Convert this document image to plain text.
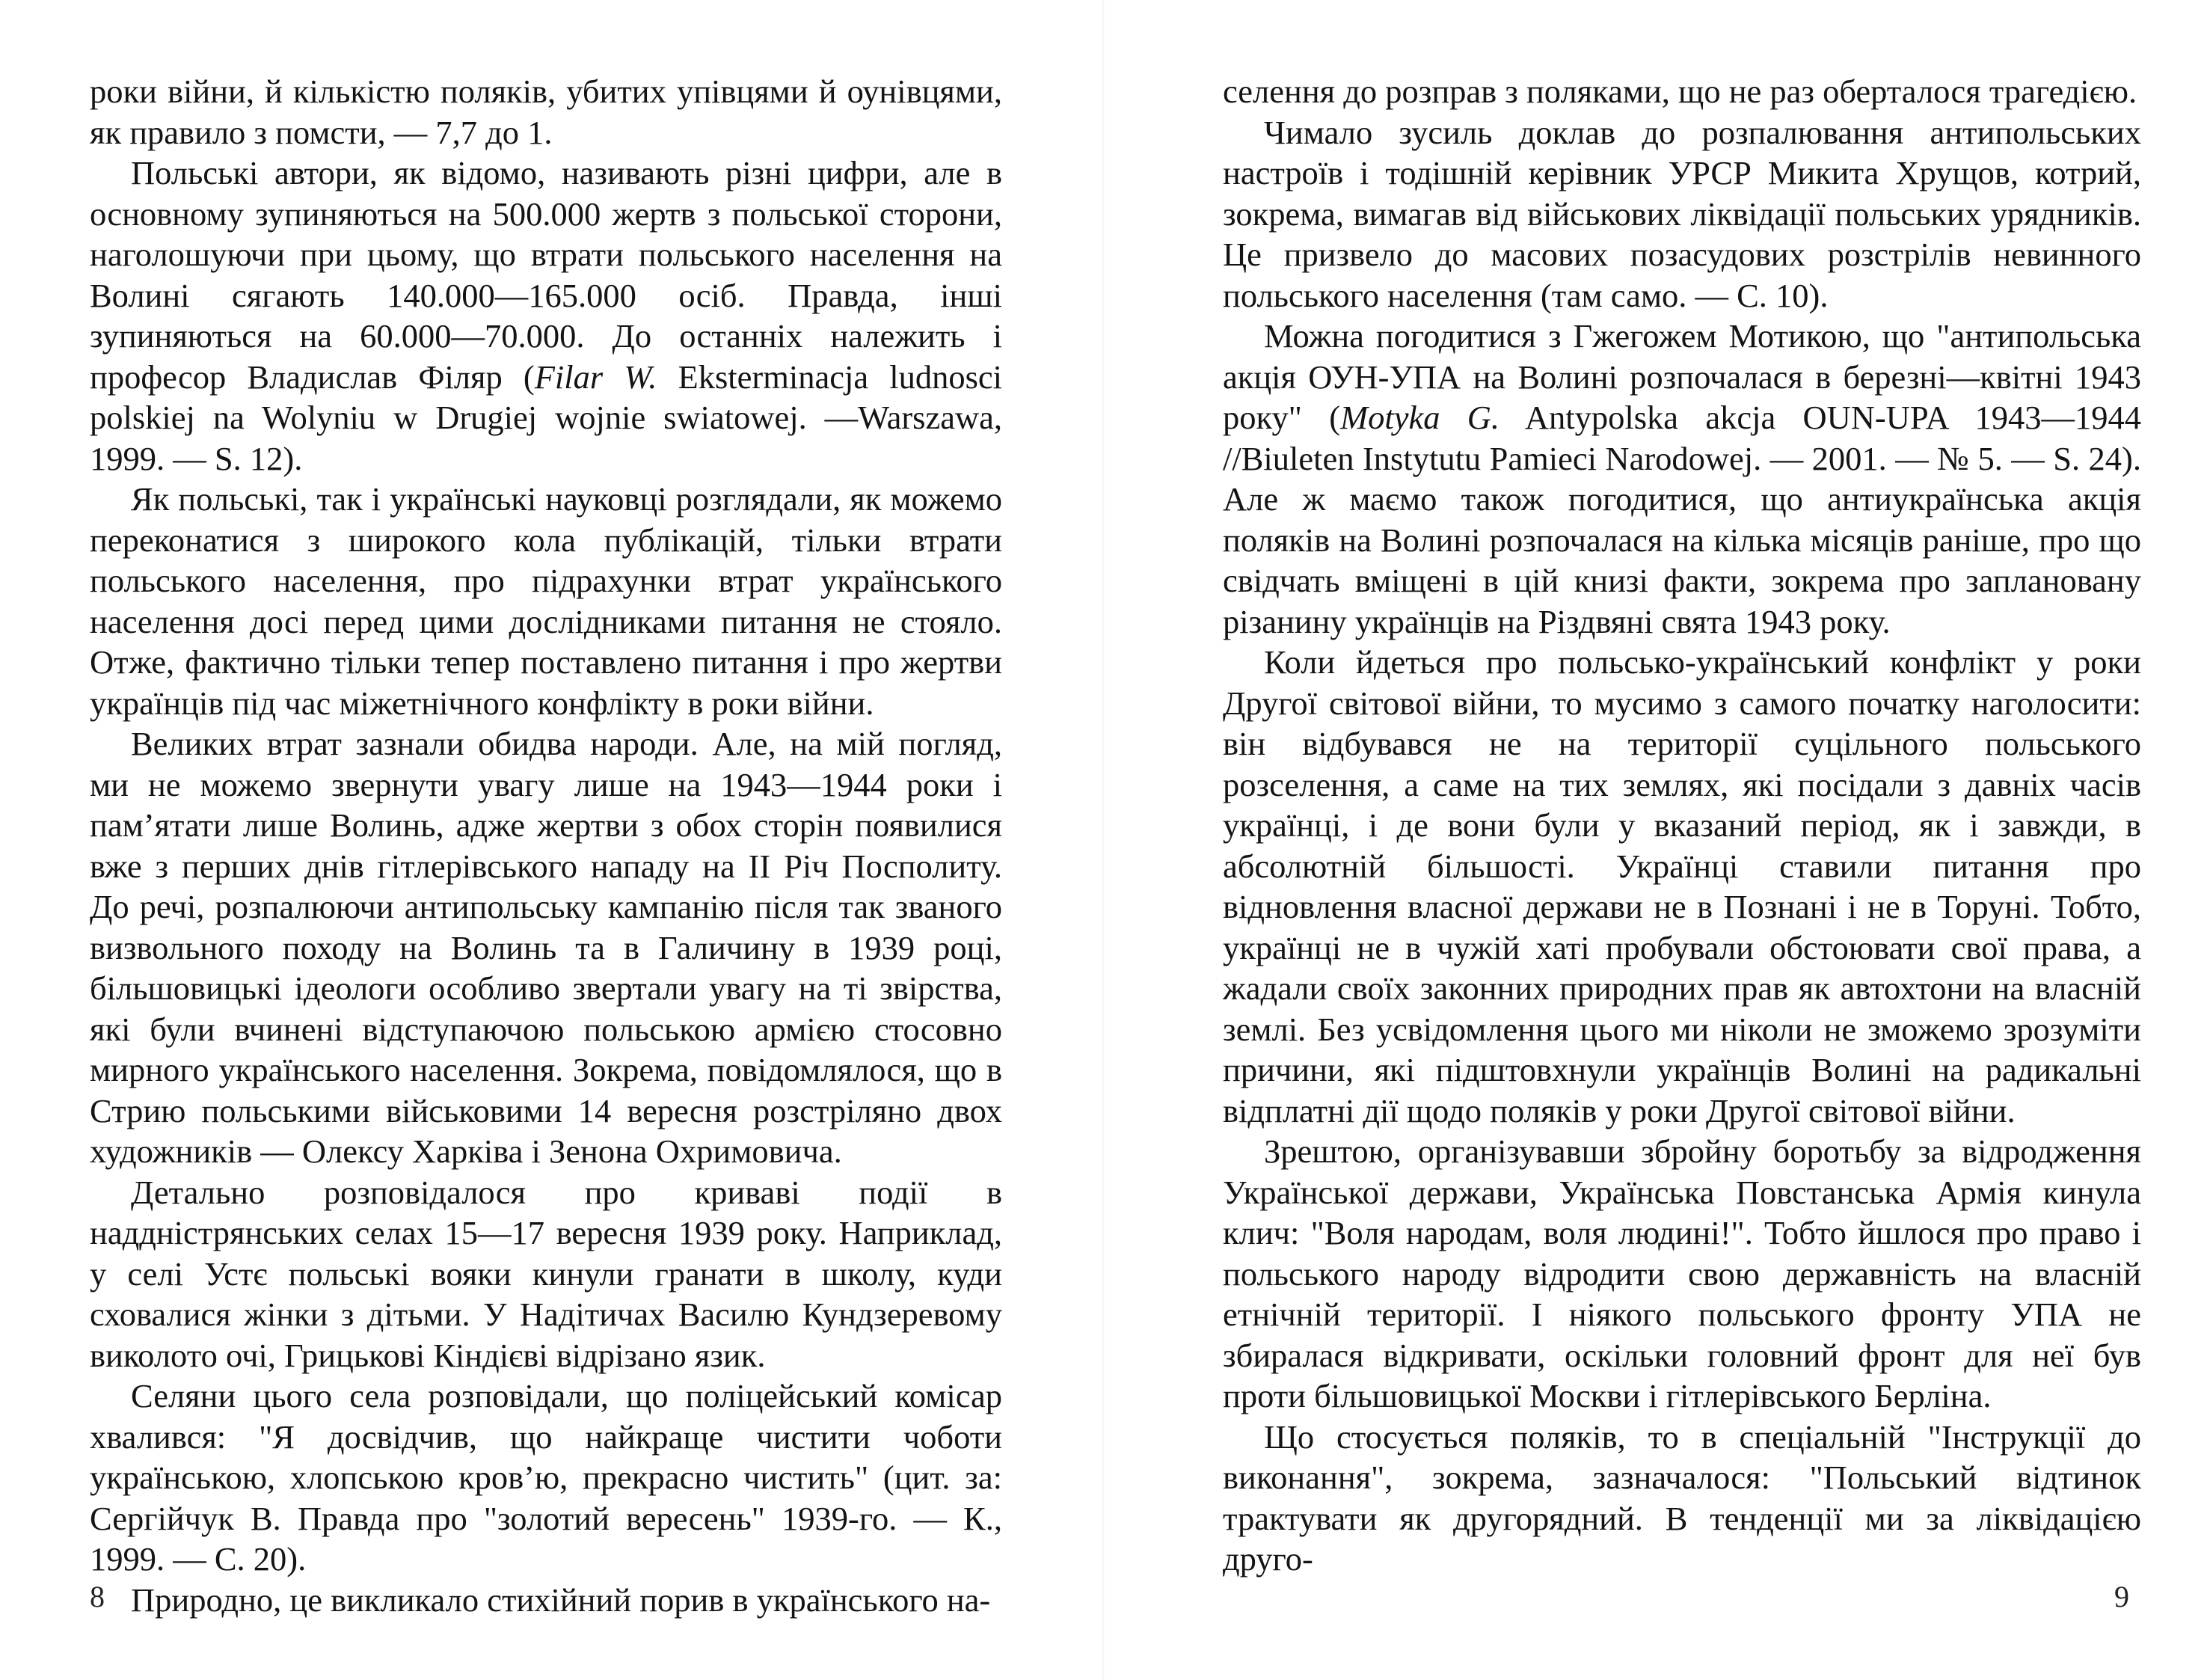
роки війни, й кількістю поляків, убитих упівцями й оунівцями, як правило з помсти, — 7,7 до 1.

Польські автори, як відомо, називають різні цифри, але в основному зупиняються на 500.000 жертв з польської сторони, наголошуючи при цьому, що втрати польського населення на Волині сягають 140.000—165.000 осіб. Правда, інші зупиняються на 60.000—70.000. До останніх належить і професор Владислав Філяр (Filar W. Eksterminacja ludnosci polskiej na Wolyniu w Drugiej wojnie swiatowej. —Warszawa, 1999. — S. 12).

Як польські, так і українські науковці розглядали, як можемо переконатися з широкого кола публікацій, тільки втрати польського населення, про підрахунки втрат українського населення досі перед цими дослідниками питання не стояло. Отже, фактично тільки тепер поставлено питання і про жертви українців під час міжетнічного конфлікту в роки війни.

Великих втрат зазнали обидва народи. Але, на мій погляд, ми не можемо звернути увагу лише на 1943—1944 роки і пам’ятати лише Волинь, адже жертви з обох сторін появилися вже з перших днів гітлерівського нападу на II Річ Посполиту. До речі, розпалюючи антипольську кампанію після так званого визвольного походу на Волинь та в Галичину в 1939 році, більшовицькі ідеологи особливо звертали увагу на ті звірства, які були вчинені відступаючою польською армією стосовно мирного українського населення. Зокрема, повідомлялося, що в Стрию польськими військовими 14 вересня розстріляно двох художників — Олексу Харківа і Зенона Охримовича.

Детально розповідалося про криваві події в наддністрянських селах 15—17 вересня 1939 року. Наприклад, у селі Устє польські вояки кинули гранати в школу, куди сховалися жінки з дітьми. У Надітичах Василю Кундзеревому виколото очі, Грицькові Кіндієві відрізано язик.

Селяни цього села розповідали, що поліцейський комісар хвалився: "Я досвідчив, що найкраще чистити чоботи українською, хлопською кров’ю, прекрасно чистить" (цит. за: Сергійчук В. Правда про "золотий вересень" 1939-го. — К., 1999. — С. 20).

Природно, це викликало стихійний порив в українського на-

8

селення до розправ з поляками, що не раз оберталося трагедією.

Чимало зусиль доклав до розпалювання антипольських настроїв і тодішній керівник УРСР Микита Хрущов, котрий, зокрема, вимагав від військових ліквідації польських урядників. Це призвело до масових позасудових розстрілів невинного польського населення (там само. — С. 10).

Можна погодитися з Гжегожем Мотикою, що "антипольська акція ОУН-УПА на Волині розпочалася в березні—квітні 1943 року" (Motyka G. Antypolska akcja OUN-UPA 1943—1944 //Biuleten Instytutu Pamieci Narodowej. — 2001. — № 5. — S. 24). Але ж маємо також погодитися, що антиукраїнська акція поляків на Волині розпочалася на кілька місяців раніше, про що свідчать вміщені в цій книзі факти, зокрема про заплановану різанину українців на Різдвяні свята 1943 року.

Коли йдеться про польсько-український конфлікт у роки Другої світової війни, то мусимо з самого початку наголосити: він відбувався не на території суцільного польського розселення, а саме на тих землях, які посідали з давніх часів українці, і де вони були у вказаний період, як і завжди, в абсолютній більшості. Українці ставили питання про відновлення власної держави не в Познані і не в Торуні. Тобто, українці не в чужій хаті пробували обстоювати свої права, а жадали своїх законних природних прав як автохтони на власній землі. Без усвідомлення цього ми ніколи не зможемо зрозуміти причини, які підштовхнули українців Волині на радикальні відплатні дії щодо поляків у роки Другої світової війни.

Зрештою, організувавши збройну боротьбу за відродження Української держави, Українська Повстанська Армія кинула клич: "Воля народам, воля людині!". Тобто йшлося про право і польського народу відродити свою державність на власній етнічній території. І ніякого польського фронту УПА не збиралася відкривати, оскільки головний фронт для неї був проти більшовицької Москви і гітлерівського Берліна.

Що стосується поляків, то в спеціальній "Інструкції до виконання", зокрема, зазначалося: "Польський відтинок трактувати як другорядний. В тенденції ми за ліквідацією друго-

9
